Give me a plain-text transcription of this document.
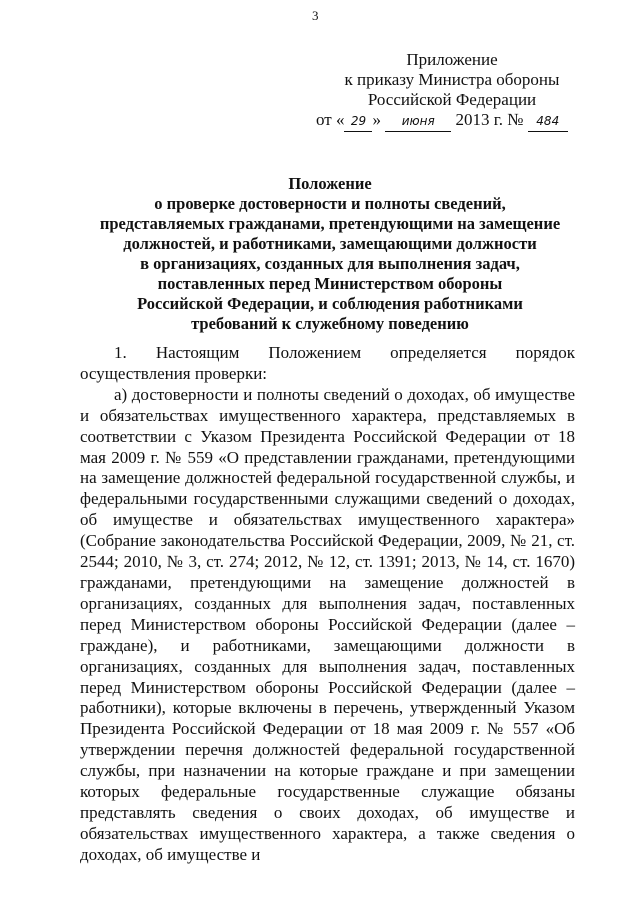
3
Приложение
к приказу Министра обороны
Российской Федерации
от « 29 » июня 2013 г. № 484
Положение
о проверке достоверности и полноты сведений,
представляемых гражданами, претендующими на замещение
должностей, и работниками, замещающими должности
в организациях, созданных для выполнения задач,
поставленных перед Министерством обороны
Российской Федерации, и соблюдения работниками
требований к служебному поведению

1. Настоящим Положением определяется порядок осуществления проверки:

а) достоверности и полноты сведений о доходах, об имуществе и обязательствах имущественного характера, представляемых в соответствии с Указом Президента Российской Федерации от 18 мая 2009 г. № 559 «О представлении гражданами, претендующими на замещение должностей федеральной государственной службы, и федеральными государственными служащими сведений о доходах, об имуществе и обязательствах имущественного характера» (Собрание законодательства Российской Федерации, 2009, № 21, ст. 2544; 2010, № 3, ст. 274; 2012, № 12, ст. 1391; 2013, № 14, ст. 1670) гражданами, претендующими на замещение должностей в организациях, созданных для выполнения задач, поставленных перед Министерством обороны Российской Федерации (далее – граждане), и работниками, замещающими должности в организациях, созданных для выполнения задач, поставленных перед Министерством обороны Российской Федерации (далее – работники), которые включены в перечень, утвержденный Указом Президента Российской Федерации от 18 мая 2009 г. № 557 «Об утверждении перечня должностей федеральной государственной службы, при назначении на которые граждане и при замещении которых федеральные государственные служащие обязаны представлять сведения о своих доходах, об имуществе и обязательствах имущественного характера, а также сведения о доходах, об имуществе и
